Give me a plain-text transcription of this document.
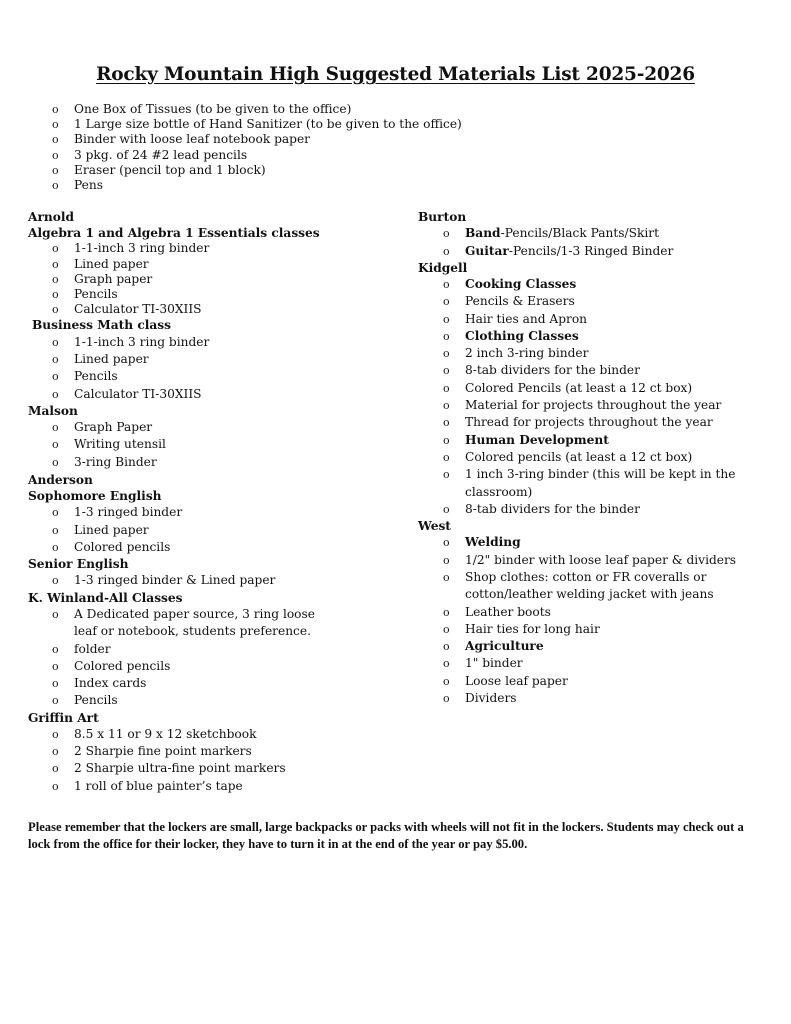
Rocky Mountain High Suggested Materials List 2025-2026
o One Box of Tissues (to be given to the office)
o 1 Large size bottle of Hand Sanitizer (to be given to the office)
o Binder with loose leaf notebook paper
o 3 pkg. of 24 #2 lead pencils
o Eraser (pencil top and 1 block)
o Pens
Arnold
Algebra 1 and Algebra 1 Essentials classes
o 1-1-inch 3 ring binder
o Lined paper
o Graph paper
o Pencils
o Calculator TI-30XIIS
Business Math class
o 1-1-inch 3 ring binder
o Lined paper
o Pencils
o Calculator TI-30XIIS
Malson
o Graph Paper
o Writing utensil
o 3-ring Binder
Anderson
Sophomore English
o 1-3 ringed binder
o Lined paper
o Colored pencils
Senior English
o 1-3 ringed binder & Lined paper
K. Winland-All Classes
o A Dedicated paper source, 3 ring loose leaf or notebook, students preference.
o folder
o Colored pencils
o Index cards
o Pencils
Griffin Art
o 8.5 x 11 or 9 x 12 sketchbook
o 2 Sharpie fine point markers
o 2 Sharpie ultra-fine point markers
o 1 roll of blue painter’s tape
Burton
o Band-Pencils/Black Pants/Skirt
o Guitar-Pencils/1-3 Ringed Binder
Kidgell
o Cooking Classes
o Pencils & Erasers
o Hair ties and Apron
o Clothing Classes
o 2 inch 3-ring binder
o 8-tab dividers for the binder
o Colored Pencils (at least a 12 ct box)
o Material for projects throughout the year
o Thread for projects throughout the year
o Human Development
o Colored pencils (at least a 12 ct box)
o 1 inch 3-ring binder (this will be kept in the classroom)
o 8-tab dividers for the binder
West
o Welding
o 1/2" binder with loose leaf paper & dividers
o Shop clothes: cotton or FR coveralls or cotton/leather welding jacket with jeans
o Leather boots
o Hair ties for long hair
o Agriculture
o 1" binder
o Loose leaf paper
o Dividers
Please remember that the lockers are small, large backpacks or packs with wheels will not fit in the lockers. Students may check out a lock from the office for their locker, they have to turn it in at the end of the year or pay $5.00.
